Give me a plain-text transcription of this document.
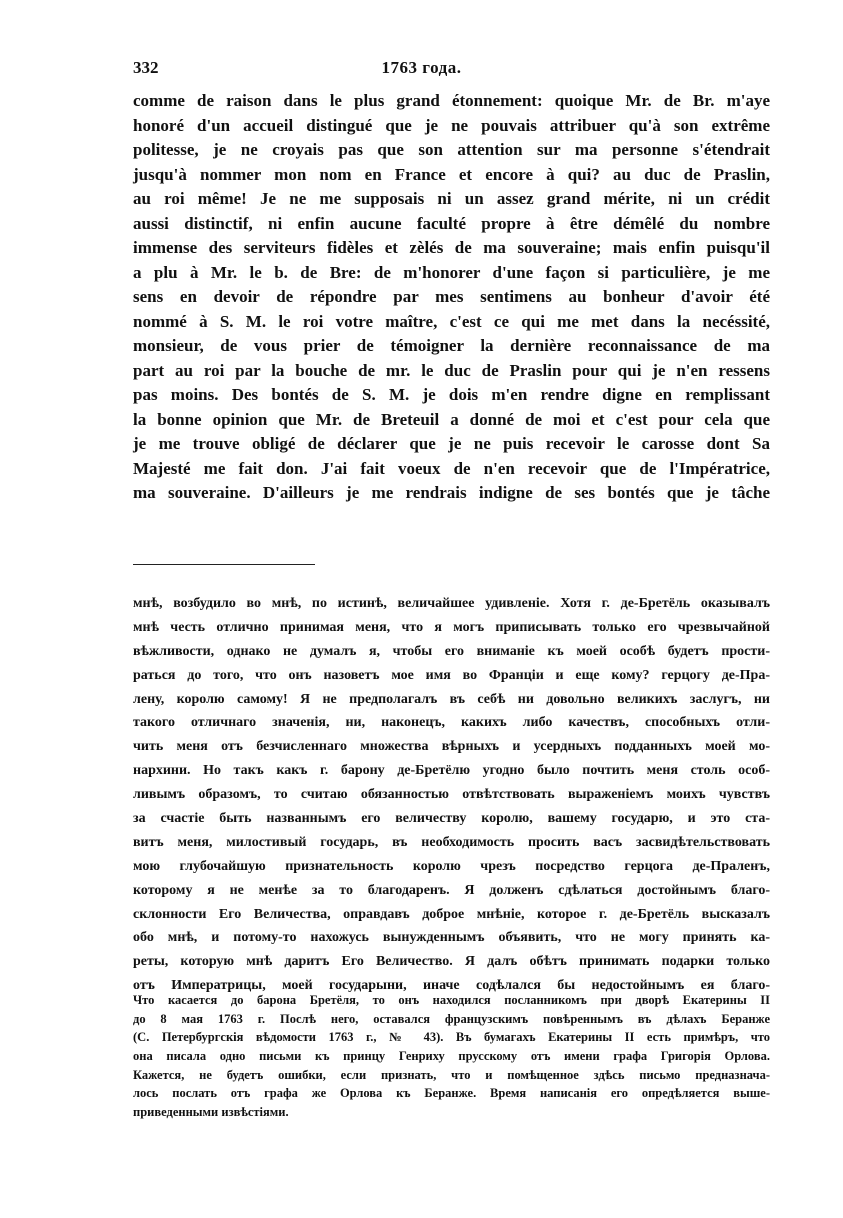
332	1763 года.
comme de raison dans le plus grand étonnement: quoique Mr. de Br. m'aye
honoré d'un accueil distingué que je ne pouvais attribuer qu'à son extrême
politesse, je ne croyais pas que son attention sur ma personne s'étendrait
jusqu'à nommer mon nom en France et encore à qui? au duc de Praslin,
au roi même! Je ne me supposais ni un assez grand mérite, ni un crédit
aussi distinctif, ni enfin aucune faculté propre à être démêlé du nombre
immense des serviteurs fidèles et zèlés de ma souveraine; mais enfin puisqu'il
a plu à Mr. le b. de Bre: de m'honorer d'une façon si particulière, je me
sens en devoir de répondre par mes sentimens au bonheur d'avoir été
nommé à S. M. le roi votre maître, c'est ce qui me met dans la necéssité,
monsieur, de vous prier de témoigner la dernière reconnaissance de ma
part au roi par la bouche de mr. le duc de Praslin pour qui je n'en ressens
pas moins. Des bontés de S. M. je dois m'en rendre digne en remplissant
la bonne opinion que Mr. de Breteuil a donné de moi et c'est pour cela que
je me trouve obligé de déclarer que je ne puis recevoir le carosse dont Sa
Majesté me fait don. J'ai fait voeux de n'en recevoir que de l'Impératrice,
ma souveraine. D'ailleurs je me rendrais indigne de ses bontés que je tâche
мнѣ, возбудило во мнѣ, по истинѣ, величайшее удивленіе. Хотя г. де-Бретёль оказывалъ
мнѣ честь отлично принимая меня, что я могъ приписывать только его чрезвычайной
вѣжливости, однако не думалъ я, чтобы его вниманіе къ моей особѣ будетъ прости-
раться до того, что онъ назоветъ мое имя во Франціи и еще кому? герцогу де-Пра-
лену, королю самому! Я не предполагалъ въ себѣ ни довольно великихъ заслугъ, ни
такого отличнаго значенія, ни, наконецъ, какихъ либо качествъ, способныхъ отли-
чить меня отъ безчисленнаго множества вѣрныхъ и усердныхъ подданныхъ моей мо-
нархини. Но такъ какъ г. барону де-Бретёлю угодно было почтить меня столь особ-
ливымъ образомъ, то считаю обязанностью отвѣтствовать выраженіемъ моихъ чувствъ
за счастіе быть названнымъ его величеству королю, вашему государю, и это ста-
витъ меня, милостивый государь, въ необходимость просить васъ засвидѣтельствовать
мою глубочайшую признательность королю чрезъ посредство герцога де-Праленъ,
которому я не менѣе за то благодаренъ. Я долженъ сдѣлаться достойнымъ благо-
склонности Его Величества, оправдавъ доброе мнѣніе, которое г. де-Бретёль высказалъ
обо мнѣ, и потому-то нахожусь вынужденнымъ объявить, что не могу принять ка-
реты, которую мнѣ даритъ Его Величество. Я далъ обѣтъ принимать подарки только
отъ Императрицы, моей государыни, иначе содѣлался бы недостойнымъ ея благо-
Что касается до барона Бретёля, то онъ находился посланникомъ при дворѣ Екатерины II
до 8 мая 1763 г. Послѣ него, оставался французскимъ повѣреннымъ въ дѣлахъ Беранже
(С. Петербургскія вѣдомости 1763 г., № 43). Въ бумагахъ Екатерины II есть примѣръ, что
она писала одно письми къ принцу Генриху прусскому отъ имени графа Григорія Орлова.
Кажется, не будетъ ошибки, если признать, что и помѣщенное здѣсь письмо предназнача-
лось послать отъ графа же Орлова къ Беранже. Время написанія его опредѣляется выше-
приведенными извѣстіями.
